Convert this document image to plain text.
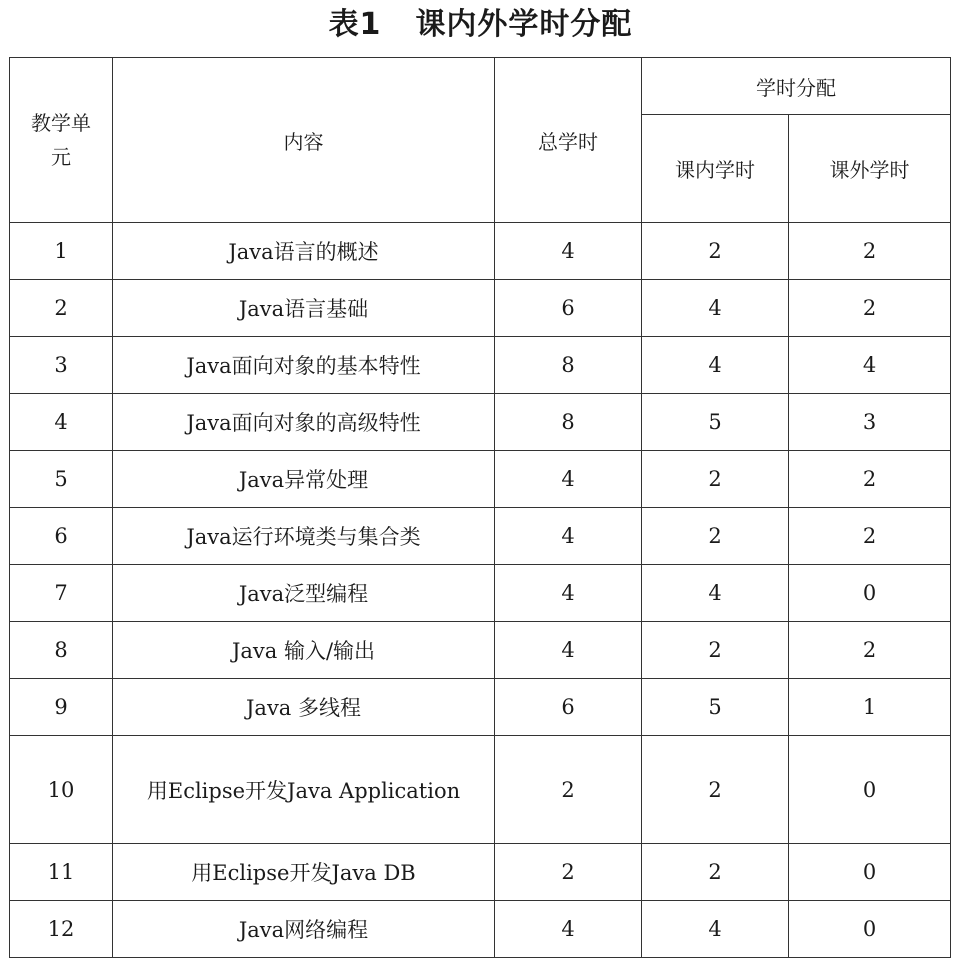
表1 课内外学时分配
教学单元	内容	总学时	学时分配	
			课内学时	课外学时
1	Java语言的概述	4	2	2
2	Java语言基础	6	4	2
3	Java面向对象的基本特性	8	4	4
4	Java面向对象的高级特性	8	5	3
5	Java异常处理	4	2	2
6	Java运行环境类与集合类	4	2	2
7	Java泛型编程	4	4	0
8	Java 输入/输出	4	2	2
9	Java 多线程	6	5	1
10	用Eclipse开发Java Application	2	2	0
11	用Eclipse开发Java DB	2	2	0
12	Java网络编程	4	4	0
